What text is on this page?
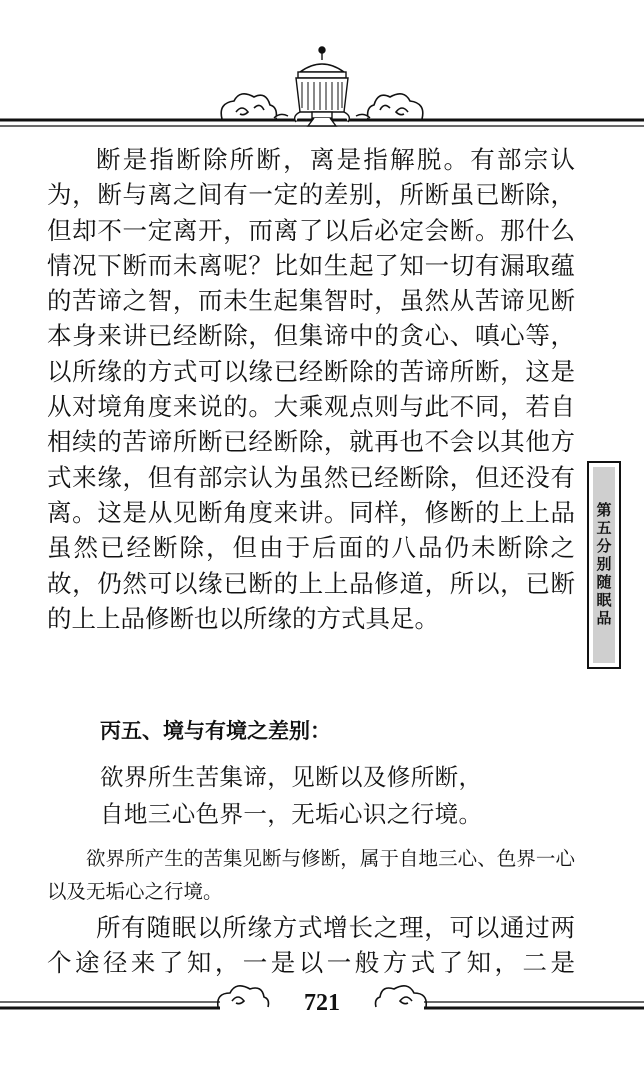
断是指断除所断，离是指解脱。有部宗认为，断与离之间有一定的差别，所断虽已断除，但却不一定离开，而离了以后必定会断。那什么情况下断而未离呢？比如生起了知一切有漏取蕴的苦谛之智，而未生起集智时，虽然从苦谛见断本身来讲已经断除，但集谛中的贪心、嗔心等，以所缘的方式可以缘已经断除的苦谛所断，这是从对境角度来说的。大乘观点则与此不同，若自相续的苦谛所断已经断除，就再也不会以其他方式来缘，但有部宗认为虽然已经断除，但还没有离。这是从见断角度来讲。同样，修断的上上品虽然已经断除，但由于后面的八品仍未断除之故，仍然可以缘已断的上上品修道，所以，已断的上上品修断也以所缘的方式具足。

丙五、境与有境之差别：

欲界所生苦集谛，见断以及修所断，

自地三心色界一，无垢心识之行境。

欲界所产生的苦集见断与修断，属于自地三心、色界一心以及无垢心之行境。

所有随眠以所缘方式增长之理，可以通过两个途径来了知，一是以一般方式了知，二是

第五分别随眠品
721
